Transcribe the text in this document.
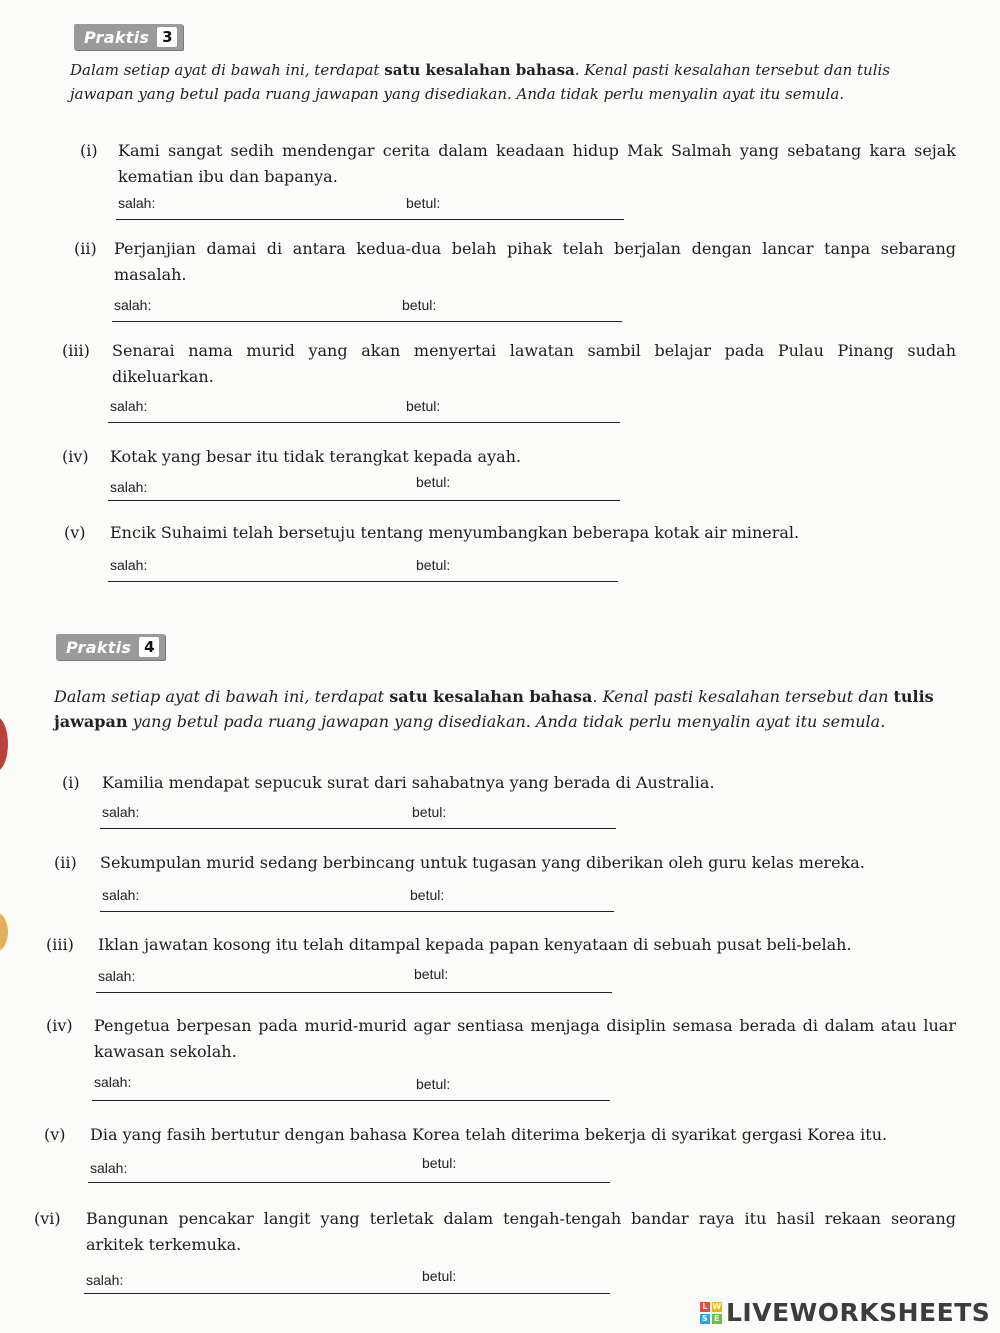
Praktis 3
Dalam setiap ayat di bawah ini, terdapat satu kesalahan bahasa. Kenal pasti kesalahan tersebut dan tulis jawapan yang betul pada ruang jawapan yang disediakan. Anda tidak perlu menyalin ayat itu semula.
(i) Kami sangat sedih mendengar cerita dalam keadaan hidup Mak Salmah yang sebatang kara sejak kematian ibu dan bapanya.
salah:	betul:
(ii) Perjanjian damai di antara kedua-dua belah pihak telah berjalan dengan lancar tanpa sebarang masalah.
salah:	betul:
(iii) Senarai nama murid yang akan menyertai lawatan sambil belajar pada Pulau Pinang sudah dikeluarkan.
salah:	betul:
(iv) Kotak yang besar itu tidak terangkat kepada ayah.
salah:	betul:
(v) Encik Suhaimi telah bersetuju tentang menyumbangkan beberapa kotak air mineral.
salah:	betul:
Praktis 4
Dalam setiap ayat di bawah ini, terdapat satu kesalahan bahasa. Kenal pasti kesalahan tersebut dan tulis jawapan yang betul pada ruang jawapan yang disediakan. Anda tidak perlu menyalin ayat itu semula.
(i) Kamilia mendapat sepucuk surat dari sahabatnya yang berada di Australia.
salah:	betul:
(ii) Sekumpulan murid sedang berbincang untuk tugasan yang diberikan oleh guru kelas mereka.
salah:	betul:
(iii) Iklan jawatan kosong itu telah ditampal kepada papan kenyataan di sebuah pusat beli-belah.
salah:	betul:
(iv) Pengetua berpesan pada murid-murid agar sentiasa menjaga disiplin semasa berada di dalam atau luar kawasan sekolah.
salah:	betul:
(v) Dia yang fasih bertutur dengan bahasa Korea telah diterima bekerja di syarikat gergasi Korea itu.
salah:	betul:
(vi) Bangunan pencakar langit yang terletak dalam tengah-tengah bandar raya itu hasil rekaan seorang arkitek terkemuka.
salah:	betul:
L W
S E LIVEWORKSHEETS
